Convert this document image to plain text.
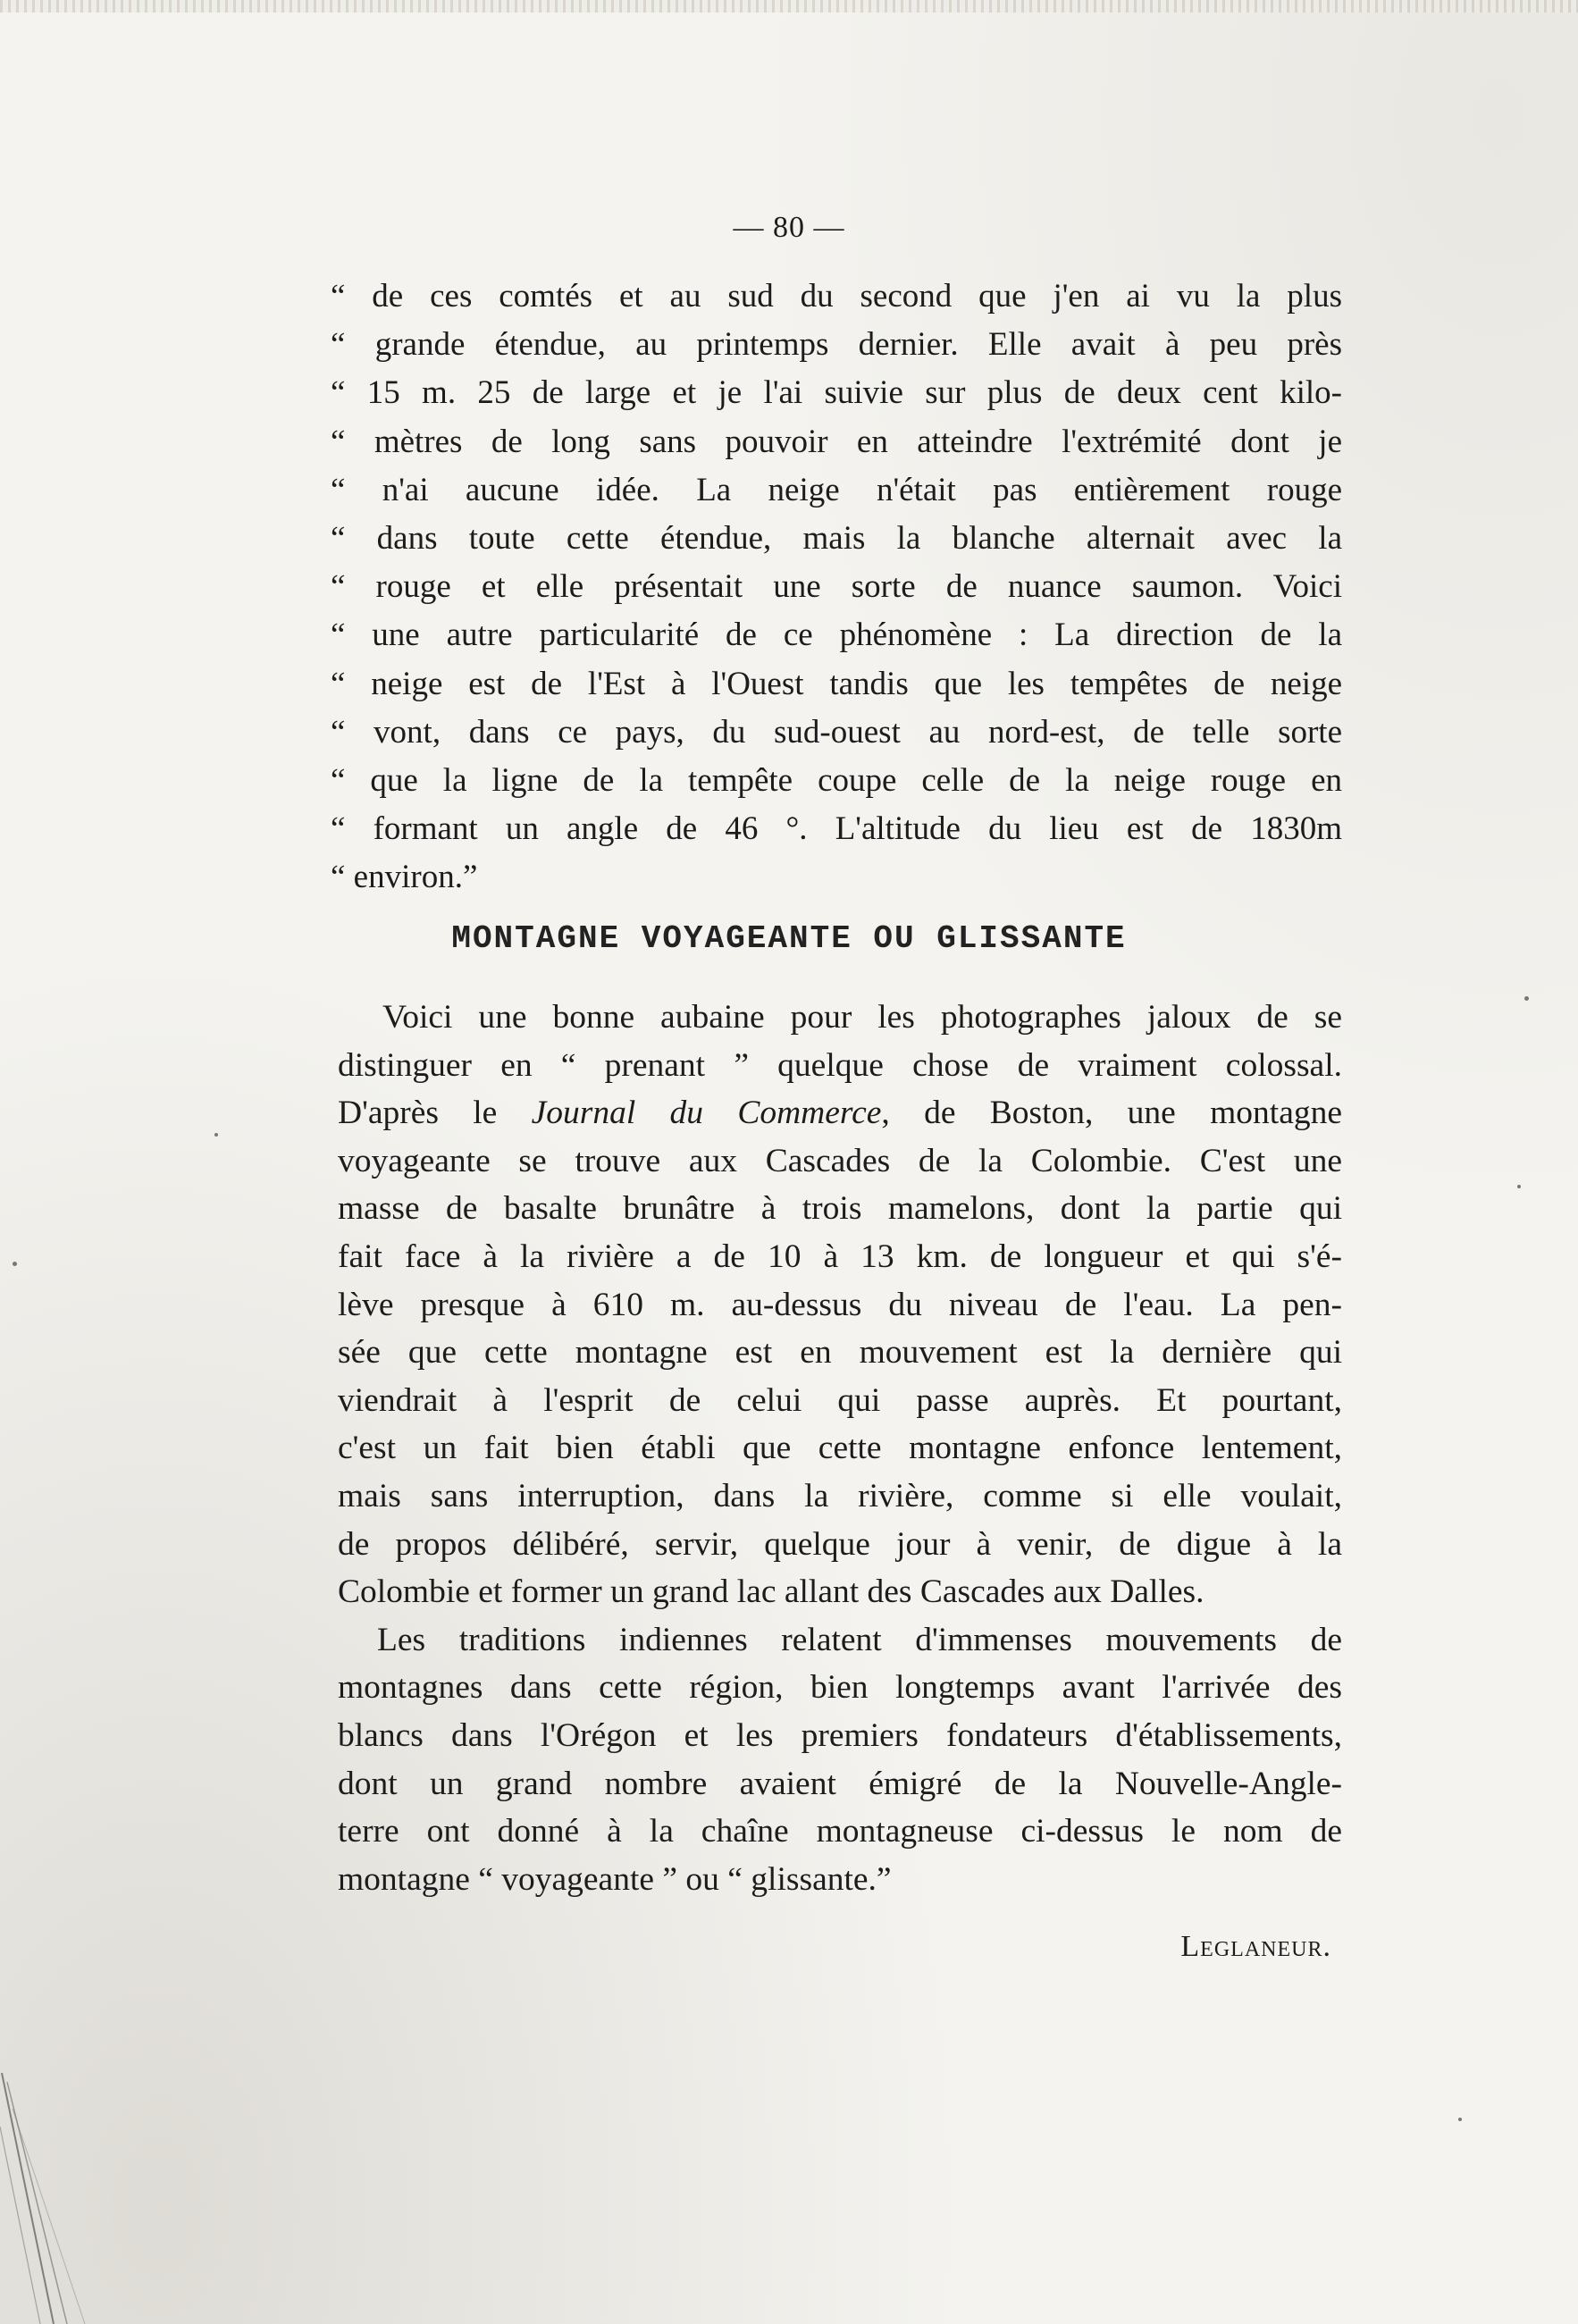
— 80 —
“ de ces comtés et au sud du second que j'en ai vu la plus
“ grande étendue, au printemps dernier. Elle avait à peu près
“ 15 m. 25 de large et je l'ai suivie sur plus de deux cent kilo-
“ mètres de long sans pouvoir en atteindre l'extrémité dont je
“ n'ai aucune idée. La neige n'était pas entièrement rouge
“ dans toute cette étendue, mais la blanche alternait avec la
“ rouge et elle présentait une sorte de nuance saumon. Voici
“ une autre particularité de ce phénomène : La direction de la
“ neige est de l'Est à l'Ouest tandis que les tempêtes de neige
“ vont, dans ce pays, du sud-ouest au nord-est, de telle sorte
“ que la ligne de la tempête coupe celle de la neige rouge en
“ formant un angle de 46 °. L'altitude du lieu est de 1830m
“ environ.”
MONTAGNE VOYAGEANTE OU GLISSANTE
Voici une bonne aubaine pour les photographes jaloux de se
distinguer en “ prenant ” quelque chose de vraiment colossal.
D'après le Journal du Commerce, de Boston, une montagne
voyageante se trouve aux Cascades de la Colombie. C'est une
masse de basalte brunâtre à trois mamelons, dont la partie qui
fait face à la rivière a de 10 à 13 km. de longueur et qui s'é-
lève presque à 610 m. au-dessus du niveau de l'eau. La pen-
sée que cette montagne est en mouvement est la dernière qui
viendrait à l'esprit de celui qui passe auprès. Et pourtant,
c'est un fait bien établi que cette montagne enfonce lentement,
mais sans interruption, dans la rivière, comme si elle voulait,
de propos délibéré, servir, quelque jour à venir, de digue à la
Colombie et former un grand lac allant des Cascades aux Dalles.
Les traditions indiennes relatent d'immenses mouvements de
montagnes dans cette région, bien longtemps avant l'arrivée des
blancs dans l'Orégon et les premiers fondateurs d'établissements,
dont un grand nombre avaient émigré de la Nouvelle-Angle-
terre ont donné à la chaîne montagneuse ci-dessus le nom de
montagne “ voyageante ” ou “ glissante.”
Leglaneur.
